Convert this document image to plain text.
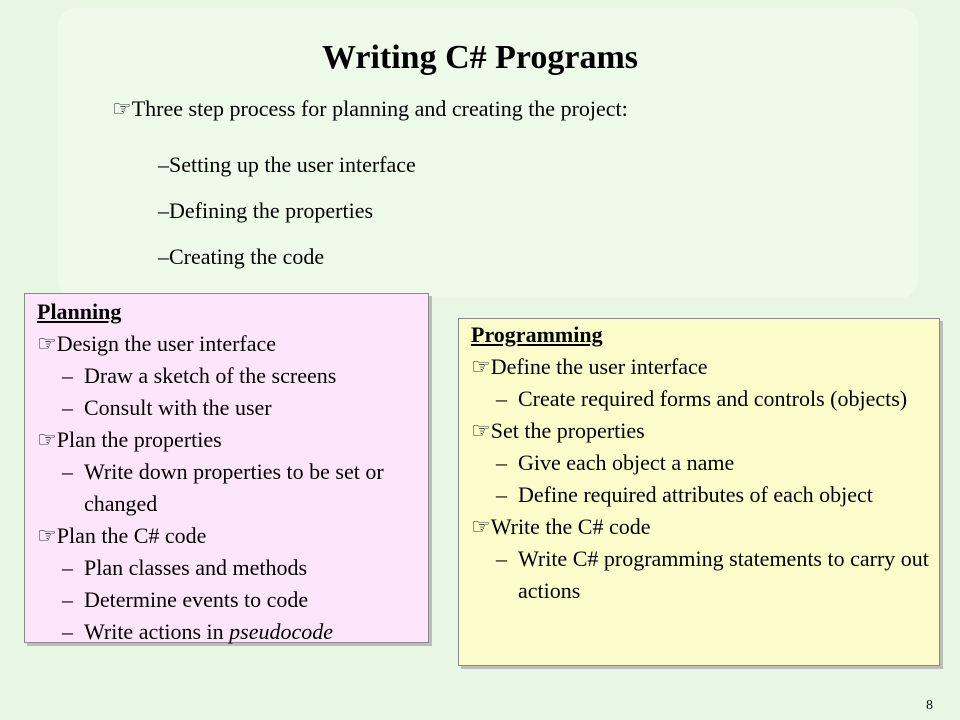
Writing C# Programs
☞Three step process for planning and creating the project:
–Setting up the user interface
–Defining the properties
–Creating the code
Planning
☞Design the user interface
– Draw a sketch of the screens
– Consult with the user
☞Plan the properties
– Write down properties to be set or changed
☞Plan the C# code
– Plan classes and methods
– Determine events to code
– Write actions in pseudocode
Programming
☞Define the user interface
– Create required forms and controls (objects)
☞Set the properties
– Give each object a name
– Define required attributes of each object
☞Write the C# code
– Write C# programming statements to carry out actions
8
